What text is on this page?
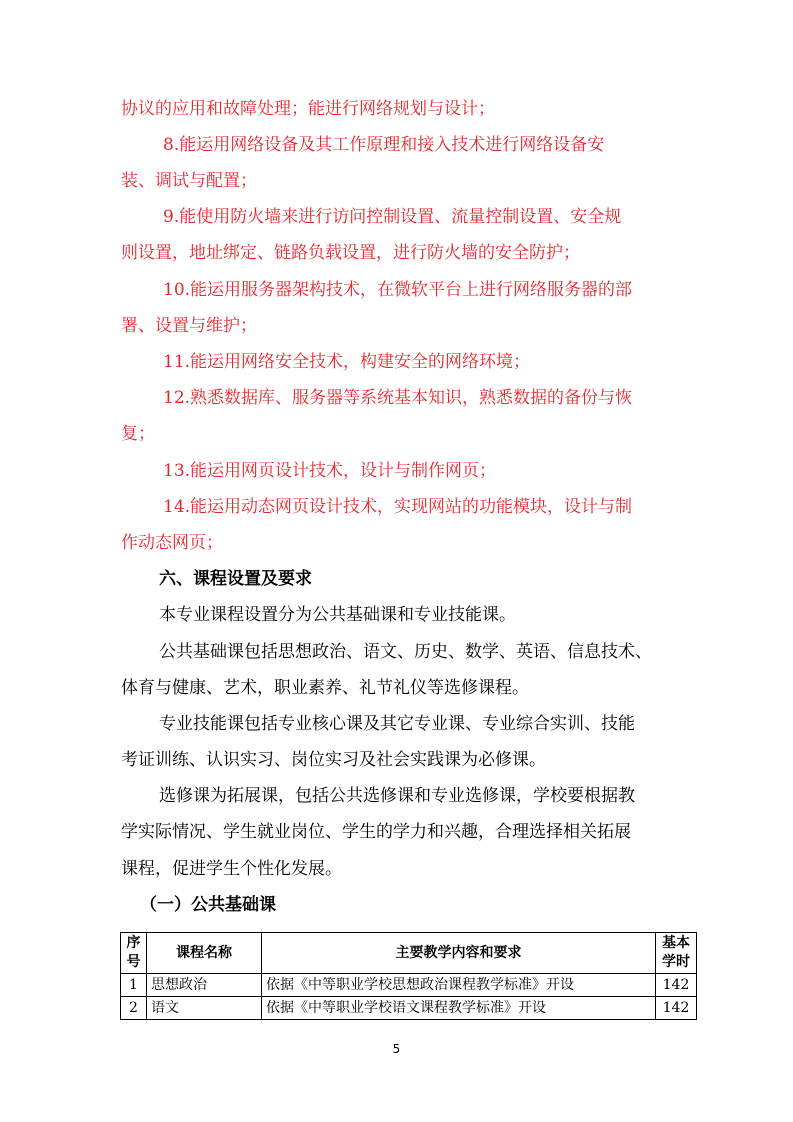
协议的应用和故障处理；能进行网络规划与设计；
8.能运用网络设备及其工作原理和接入技术进行网络设备安
装、调试与配置；
9.能使用防火墙来进行访问控制设置、流量控制设置、安全规
则设置，地址绑定、链路负载设置，进行防火墙的安全防护；
10.能运用服务器架构技术，在微软平台上进行网络服务器的部
署、设置与维护；
11.能运用网络安全技术，构建安全的网络环境；
12.熟悉数据库、服务器等系统基本知识，熟悉数据的备份与恢
复；
13.能运用网页设计技术，设计与制作网页；
14.能运用动态网页设计技术，实现网站的功能模块，设计与制
作动态网页；
六、课程设置及要求
本专业课程设置分为公共基础课和专业技能课。
公共基础课包括思想政治、语文、历史、数学、英语、信息技术、
体育与健康、艺术，职业素养、礼节礼仪等选修课程。
专业技能课包括专业核心课及其它专业课、专业综合实训、技能
考证训练、认识实习、岗位实习及社会实践课为必修课。
选修课为拓展课，包括公共选修课和专业选修课，学校要根据教
学实际情况、学生就业岗位、学生的学力和兴趣，合理选择相关拓展
课程，促进学生个性化发展。
（一）公共基础课
序
号	课程名称	主要教学内容和要求	基本
学时
1	思想政治	依据《中等职业学校思想政治课程教学标准》开设	142
2	语文	依据《中等职业学校语文课程教学标准》开设	142
5
